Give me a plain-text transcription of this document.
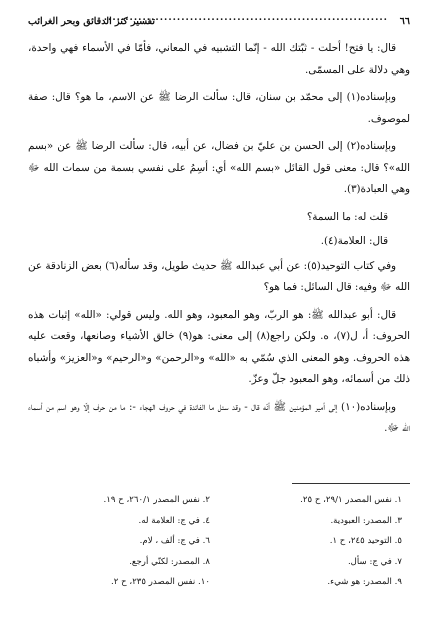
٦٦
..................................................................
تفسير كنز الدقائق وبحر الغرائب

قال: يا فتح! أحلت - ثبّتك الله - إنّما التشبيه في المعاني، فأمّا في الأسماء فهي واحدة، وهي دلالة على المسمّى.

وبإسناده(١) إلى محمّد بن سنان، قال: سألت الرضا ﷺ عن الاسم، ما هو؟ قال: صفة لموصوف.

وبإسناده(٢) إلى الحسن بن عليّ بن فضال، عن أبيه، قال: سألت الرضا ﷺ عن «بسم الله»؟ قال: معنى قول القائل «بسم الله» أي: أسِمُ على نفسي بسمة من سمات الله ﷻ وهي العبادة(٣).

قلت له: ما السمة؟

قال: العلامة(٤).

وفي كتاب التوحيد(٥): عن أبي عبدالله ﷺ حديث طويل، وقد سأله(٦) بعض الزنادقة عن الله ﷻ وفيه: قال السائل: فما هو؟

قال: أبو عبدالله ﷺ: هو الربّ، وهو المعبود، وهو الله. وليس قولي: «الله» إثبات هذه الحروف: أ، ل(٧)، ه. ولكن راجع(٨) إلى معنى: هو(٩) خالق الأشياء وصانعها، وقعت عليه هذه الحروف. وهو المعنى الذي سُمّي به «الله» و«الرحمن» و«الرحيم» و«العزيز» وأشباه ذلك من أسمائه، وهو المعبود جلّ وعزّ.

وبإسناده(١٠) إلى أمير المؤمنين ﷺ أنّه قال - وقد سئل ما الفائدة في حروف الهجاء -: ما من حرف إلّا وهو اسم من أسماء الله ﷻ.

١. نفس المصدر ٢٩/١، ح ٢٥.
٢. نفس المصدر ٢٦٠/١، ح ١٩.
٣. المصدر: العبودية.
٤. في ج: العلامة له.
٥. التوحيد ٢٤٥، ح ١.
٦. في ج: ألف ، لام.
٧. في ج: سأل.
٨. المصدر: لكنّي أرجع.
٩. المصدر: هو شيء.
١٠. نفس المصدر ٢٣٥، ح ٢.
